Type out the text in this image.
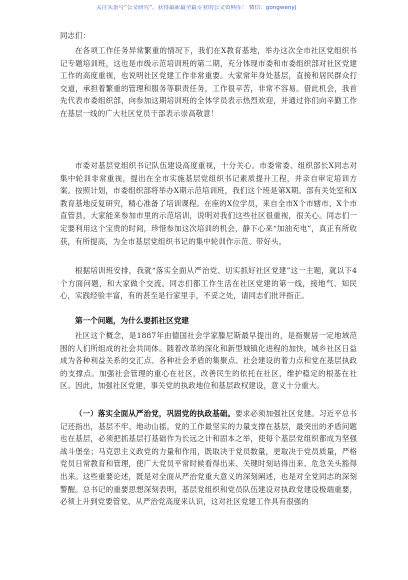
关注头条号“公文研究”，获得最新最全最专业的公文资料库！ 微信：gongwenyj

同志们：

在各项工作任务异常繁重的情况下，我们在X教育基地，举办这次全市社区党组织书记专题培训班，这也是市级示范培训班的第二期，充分体现市委和市委组织部对社区党建工作的高度重视，也说明社区党建工作非常重要。大家常年身处基层，直接和居民群众打交道，承担着繁重的管理和服务等职责任务，工作很辛苦，非常不容易。借此机会，我首先代表市委组织部，向参加这期培训班的全体学员表示热烈欢迎，并通过你们向辛勤工作在基层一线的广大社区党员干部表示崇高敬意！

市委对基层党组织书记队伍建设高度重视，十分关心。市委常委、组织部长X同志对集中轮训非常重视，提出在全市实施基层党组织书记素质提升工程，并亲自审定培训方案。按照计划，市委组织部将举办X期示范培训班，我们这个班是第X期。部有关处室和X教育基地反复研究，精心准备了培训课程。在座的X位学员，来自全市X个市辖市、X个市直管县，大家能来参加市里的示范培训，说明对我们这些社区很重视，很关心。同志们一定要利用这个宝贵的时间，珍惜参加这次培训的机会，静下心来“加油充电”，真正有所收获，有所提高，为全市基层党组织书记的集中轮训作示范、带好头。

根据培训班安排，我就“落实全面从严治党、切实抓好社区党建”这一主题，就以下4个方面问题，和大家做个交流。同志们都工作生活在社区党建的第一线，接地气、知民心，实践经验丰富，有的甚至是行家里手，不妥之处，请同志们批评指正。

第一个问题，为什么要抓社区党建

社区这个概念，是1887年由德国社会学家滕尼斯最早提出的，是指聚居一定地域范围的人们所组成的社会共同体。随着改革的深化和新型城镇化进程的加快，城乡社区日益成为各种利益关系的交汇点、各种社会矛盾的集聚点、社会建设的着力点和党在基层执政的支撑点。加强社会管理的重心在社区，改善民生的依托在社区，维护稳定的根基在社区。因此，加强社区党建，事关党的执政地位和基层政权建设，意义十分重大。

（一）落实全面从严治党，巩固党的执政基础。要求必须加强社区党建。习近平总书记还指出，基层不牢、地动山摇。党的工作最坚实的力量支撑在基层，最突出的矛盾问题也在基层，必须把抓基层打基础作为长远之计和固本之举，使每个基层党组织都成为坚强战斗堡垒；马克思主义政党的力量和作用，既取决于党员数量，更取决于党员质量，严格党员日常教育和管理，使广大党员平常时候看得出来、关键时刻站得出来、危急关头豁得出来。这些重要论述，既是对全面从严治党重大意义的深刻阐述，也是对全党同志的深刻警醒。总书记的重要思想深刻表明，基层党组织和党员队伍建设对执政党建设极端重要，必须上升到党要管党、从严治党高度来认识，这对社区党建工作具有很强的
